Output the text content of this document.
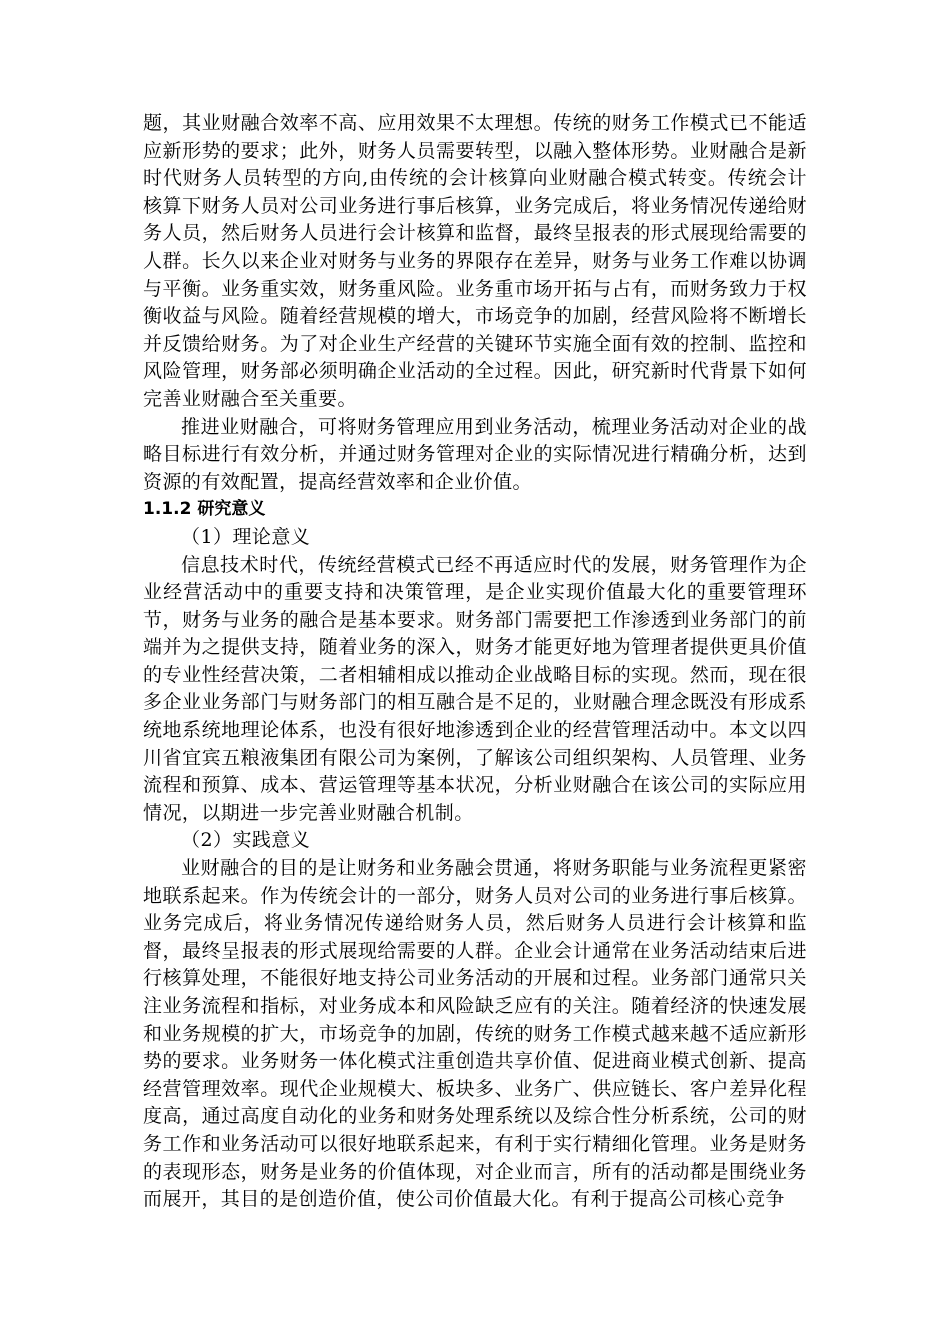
题，其业财融合效率不高、应用效果不太理想。传统的财务工作模式已不能适应新形势的要求；此外，财务人员需要转型，以融入整体形势。业财融合是新时代财务人员转型的方向,由传统的会计核算向业财融合模式转变。传统会计核算下财务人员对公司业务进行事后核算，业务完成后，将业务情况传递给财务人员，然后财务人员进行会计核算和监督，最终呈报表的形式展现给需要的人群。长久以来企业对财务与业务的界限存在差异，财务与业务工作难以协调与平衡。业务重实效，财务重风险。业务重市场开拓与占有，而财务致力于权衡收益与风险。随着经营规模的增大，市场竞争的加剧，经营风险将不断增长并反馈给财务。为了对企业生产经营的关键环节实施全面有效的控制、监控和风险管理，财务部必须明确企业活动的全过程。因此，研究新时代背景下如何完善业财融合至关重要。

推进业财融合，可将财务管理应用到业务活动，梳理业务活动对企业的战略目标进行有效分析，并通过财务管理对企业的实际情况进行精确分析，达到资源的有效配置，提高经营效率和企业价值。

1.1.2 研究意义

（1）理论意义

信息技术时代，传统经营模式已经不再适应时代的发展，财务管理作为企业经营活动中的重要支持和决策管理，是企业实现价值最大化的重要管理环节，财务与业务的融合是基本要求。财务部门需要把工作渗透到业务部门的前端并为之提供支持，随着业务的深入，财务才能更好地为管理者提供更具价值的专业性经营决策，二者相辅相成以推动企业战略目标的实现。然而，现在很多企业业务部门与财务部门的相互融合是不足的，业财融合理念既没有形成系统地系统地理论体系，也没有很好地渗透到企业的经营管理活动中。本文以四川省宜宾五粮液集团有限公司为案例，了解该公司组织架构、人员管理、业务流程和预算、成本、营运管理等基本状况，分析业财融合在该公司的实际应用情况，以期进一步完善业财融合机制。

（2）实践意义

业财融合的目的是让财务和业务融会贯通，将财务职能与业务流程更紧密地联系起来。作为传统会计的一部分，财务人员对公司的业务进行事后核算。业务完成后，将业务情况传递给财务人员，然后财务人员进行会计核算和监督，最终呈报表的形式展现给需要的人群。企业会计通常在业务活动结束后进行核算处理，不能很好地支持公司业务活动的开展和过程。业务部门通常只关注业务流程和指标，对业务成本和风险缺乏应有的关注。随着经济的快速发展和业务规模的扩大，市场竞争的加剧，传统的财务工作模式越来越不适应新形势的要求。业务财务一体化模式注重创造共享价值、促进商业模式创新、提高经营管理效率。现代企业规模大、板块多、业务广、供应链长、客户差异化程度高，通过高度自动化的业务和财务处理系统以及综合性分析系统，公司的财务工作和业务活动可以很好地联系起来，有利于实行精细化管理。业务是财务的表现形态，财务是业务的价值体现，对企业而言，所有的活动都是围绕业务而展开，其目的是创造价值，使公司价值最大化。有利于提高公司核心竞争
